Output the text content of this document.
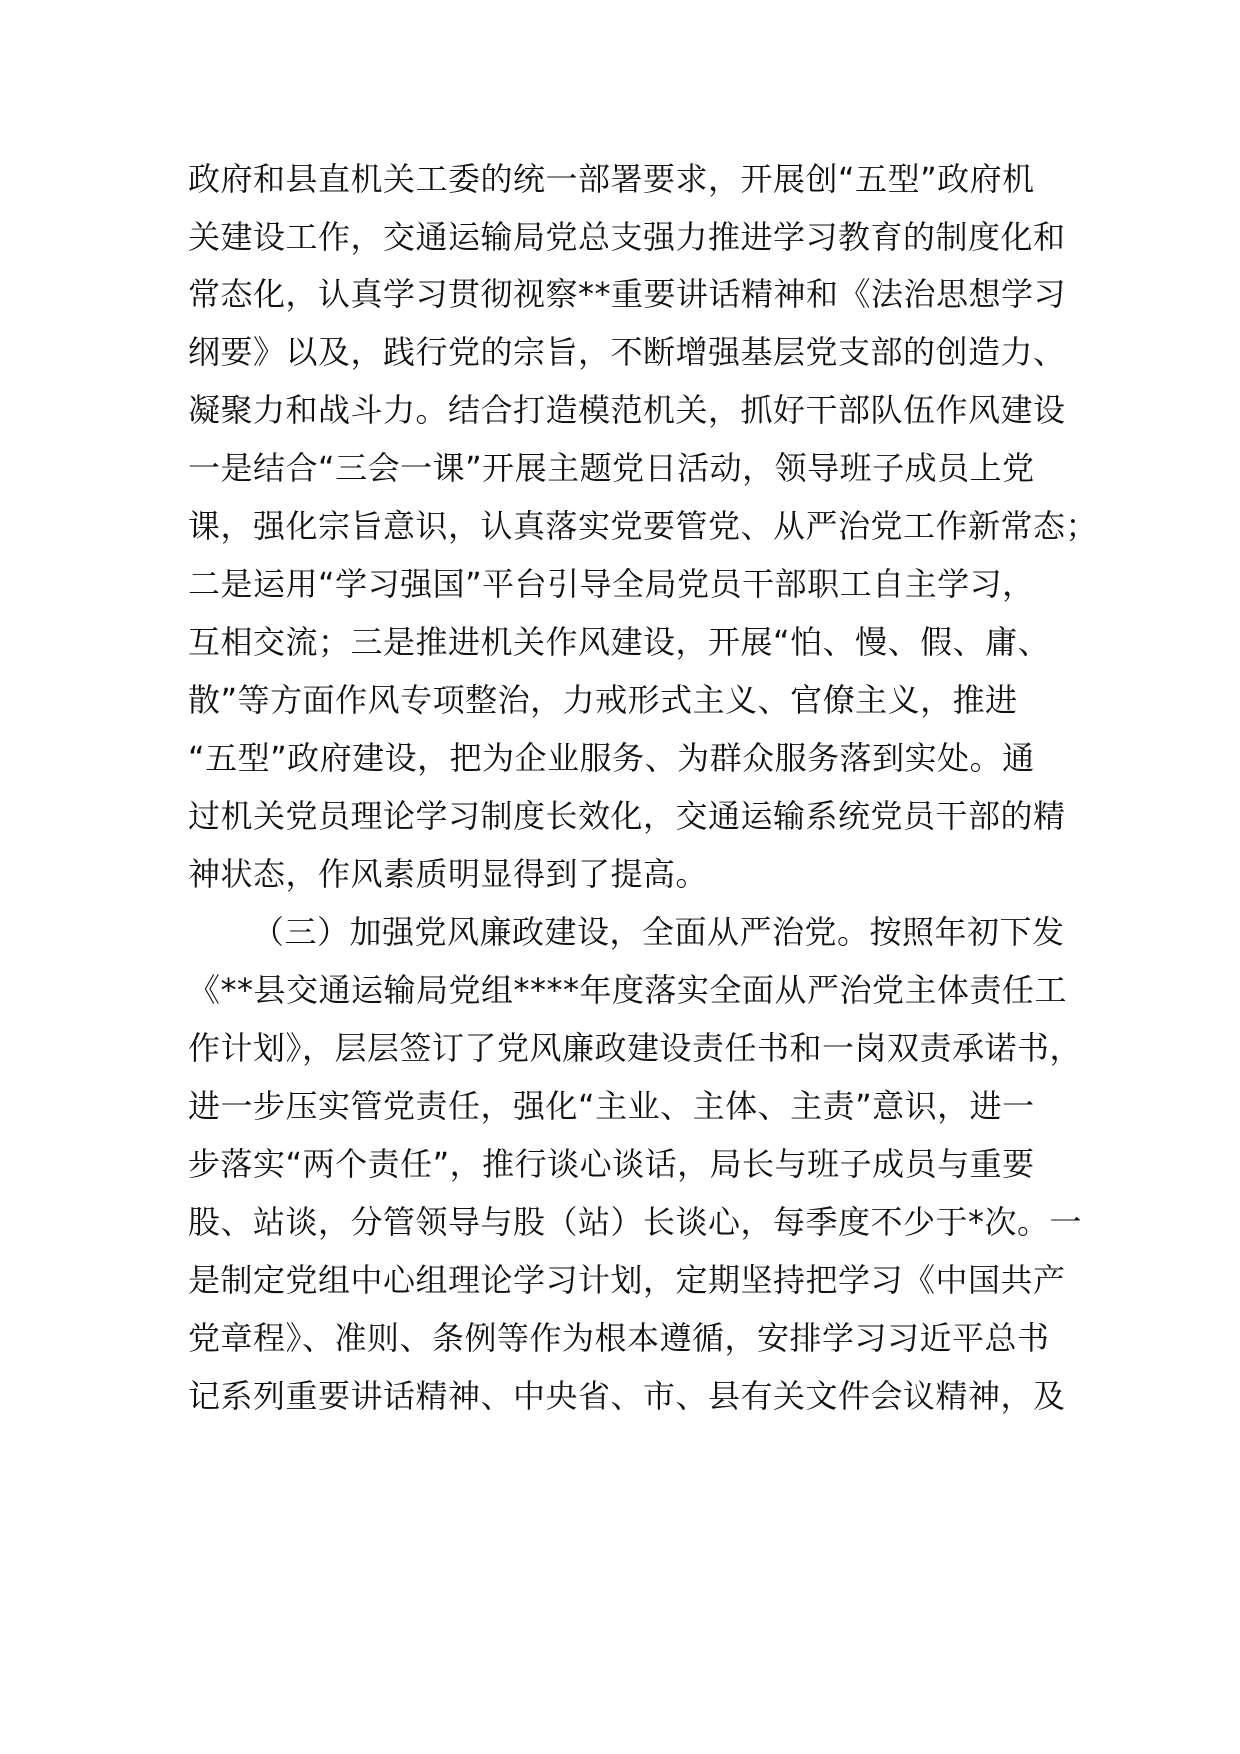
政府和县直机关工委的统一部署要求，开展创“五型”政府机
关建设工作，交通运输局党总支强力推进学习教育的制度化和
常态化，认真学习贯彻视察**重要讲话精神和《法治思想学习
纲要》以及，践行党的宗旨，不断增强基层党支部的创造力、
凝聚力和战斗力。结合打造模范机关，抓好干部队伍作风建设
一是结合“三会一课”开展主题党日活动，领导班子成员上党
课，强化宗旨意识，认真落实党要管党、从严治党工作新常态；
二是运用“学习强国”平台引导全局党员干部职工自主学习，
互相交流；三是推进机关作风建设，开展“怕、慢、假、庸、
散”等方面作风专项整治，力戒形式主义、官僚主义，推进
“五型”政府建设，把为企业服务、为群众服务落到实处。通
过机关党员理论学习制度长效化，交通运输系统党员干部的精
神状态，作风素质明显得到了提高。
（三）加强党风廉政建设，全面从严治党。按照年初下发
《**县交通运输局党组****年度落实全面从严治党主体责任工
作计划》，层层签订了党风廉政建设责任书和一岗双责承诺书，
进一步压实管党责任，强化“主业、主体、主责”意识，进一
步落实“两个责任”，推行谈心谈话，局长与班子成员与重要
股、站谈，分管领导与股（站）长谈心，每季度不少于*次。一
是制定党组中心组理论学习计划，定期坚持把学习《中国共产
党章程》、准则、条例等作为根本遵循，安排学习习近平总书
记系列重要讲话精神、中央省、市、县有关文件会议精神，及
